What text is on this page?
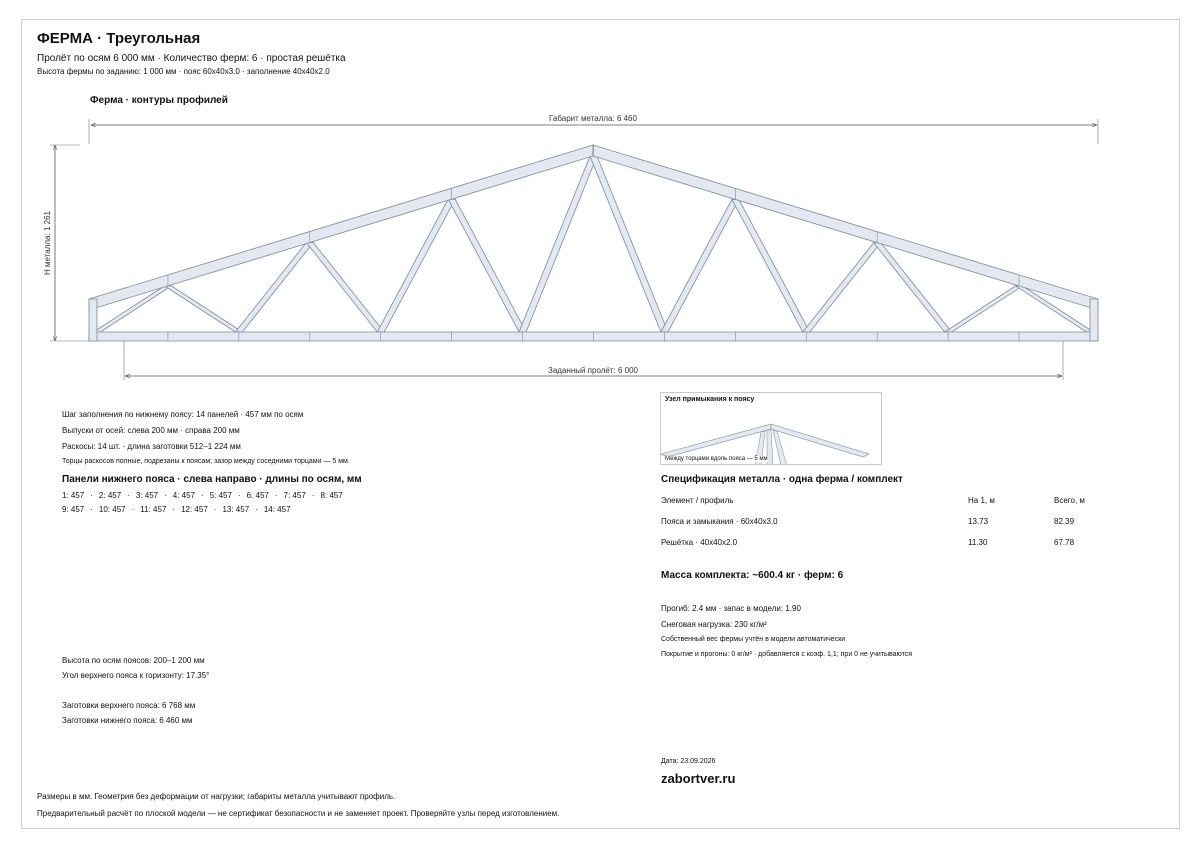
ФЕРМА · Треугольная
Пролёт по осям 6 000 мм · Количество ферм: 6 · простая решётка
Высота фермы по заданию: 1 000 мм · пояс 60x40x3.0 · заполнение 40x40x2.0
Ферма · контуры профилей
Габарит металла: 6 460
Н металла: 1 261
Заданный пролёт: 6 000
Шаг заполнения по нижнему поясу: 14 панелей · 457 мм по осям
Выпуски от осей: слева 200 мм · справа 200 мм
Раскосы: 14 шт. · длина заготовки 512–1 224 мм
Торцы раскосов полные, подрезаны к поясам; зазор между соседними торцами — 5 мм.
Панели нижнего пояса · слева направо · длины по осям, мм
1: 457 · 2: 457 · 3: 457 · 4: 457 · 5: 457 · 6: 457 · 7: 457 · 8: 457
9: 457 · 10: 457 · 11: 457 · 12: 457 · 13: 457 · 14: 457
Высота по осям поясов: 200–1 200 мм
Угол верхнего пояса к горизонту: 17.35°
Заготовки верхнего пояса: 6 768 мм
Заготовки нижнего пояса: 6 460 мм
Узел примыкания к поясу
Между торцами вдоль пояса — 5 мм
Спецификация металла · одна ферма / комплект
Элемент / профиль	На 1, м	Всего, м
Пояса и замыкания · 60x40x3.0	13.73	82.39
Решётка · 40x40x2.0	11.30	67.78
Масса комплекта: ~600.4 кг · ферм: 6
Прогиб: 2.4 мм · запас в модели: 1.90
Снеговая нагрузка: 230 кг/м²
Собственный вес фермы учтён в модели автоматически
Покрытие и прогоны: 0 кг/м² · добавляется с коэф. 1,1; при 0 не учитываются
Дата: 23.09.2026
zabortver.ru
Размеры в мм. Геометрия без деформации от нагрузки; габариты металла учитывают профиль.
Предварительный расчёт по плоской модели — не сертификат безопасности и не заменяет проект. Проверяйте узлы перед изготовлением.
